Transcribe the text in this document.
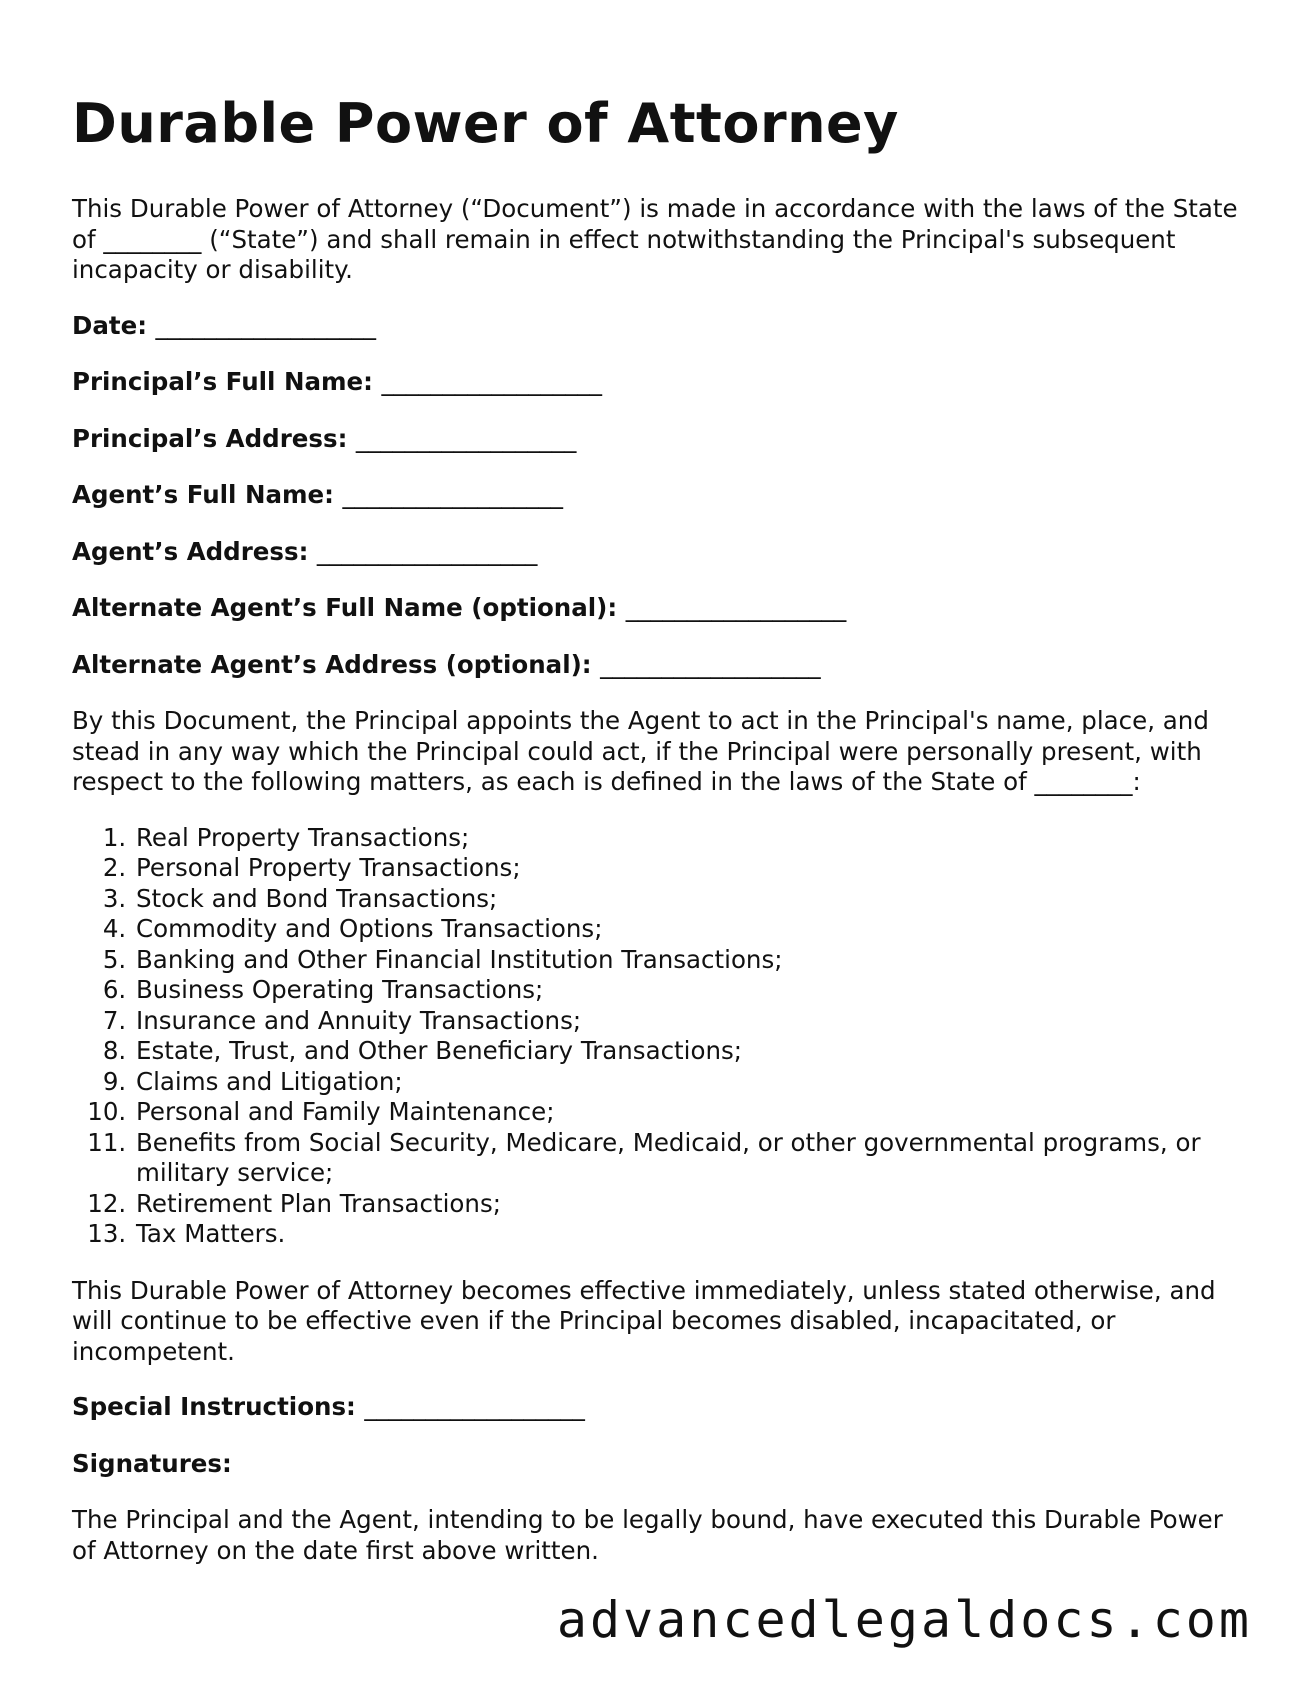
Durable Power of Attorney

This Durable Power of Attorney (“Document”) is made in accordance with the laws of the State of ________ (“State”) and shall remain in effect notwithstanding the Principal's subsequent incapacity or disability.

Date: __________________
Principal’s Full Name: __________________
Principal’s Address: __________________
Agent’s Full Name: __________________
Agent’s Address: __________________
Alternate Agent’s Full Name (optional): __________________
Alternate Agent’s Address (optional): __________________

By this Document, the Principal appoints the Agent to act in the Principal's name, place, and stead in any way which the Principal could act, if the Principal were personally present, with respect to the following matters, as each is defined in the laws of the State of ________:

1. Real Property Transactions;
2. Personal Property Transactions;
3. Stock and Bond Transactions;
4. Commodity and Options Transactions;
5. Banking and Other Financial Institution Transactions;
6. Business Operating Transactions;
7. Insurance and Annuity Transactions;
8. Estate, Trust, and Other Beneficiary Transactions;
9. Claims and Litigation;
10. Personal and Family Maintenance;
11. Benefits from Social Security, Medicare, Medicaid, or other governmental programs, or military service;
12. Retirement Plan Transactions;
13. Tax Matters.

This Durable Power of Attorney becomes effective immediately, unless stated otherwise, and will continue to be effective even if the Principal becomes disabled, incapacitated, or incompetent.

Special Instructions: __________________
Signatures:

The Principal and the Agent, intending to be legally bound, have executed this Durable Power of Attorney on the date first above written.

advancedlegaldocs.com
